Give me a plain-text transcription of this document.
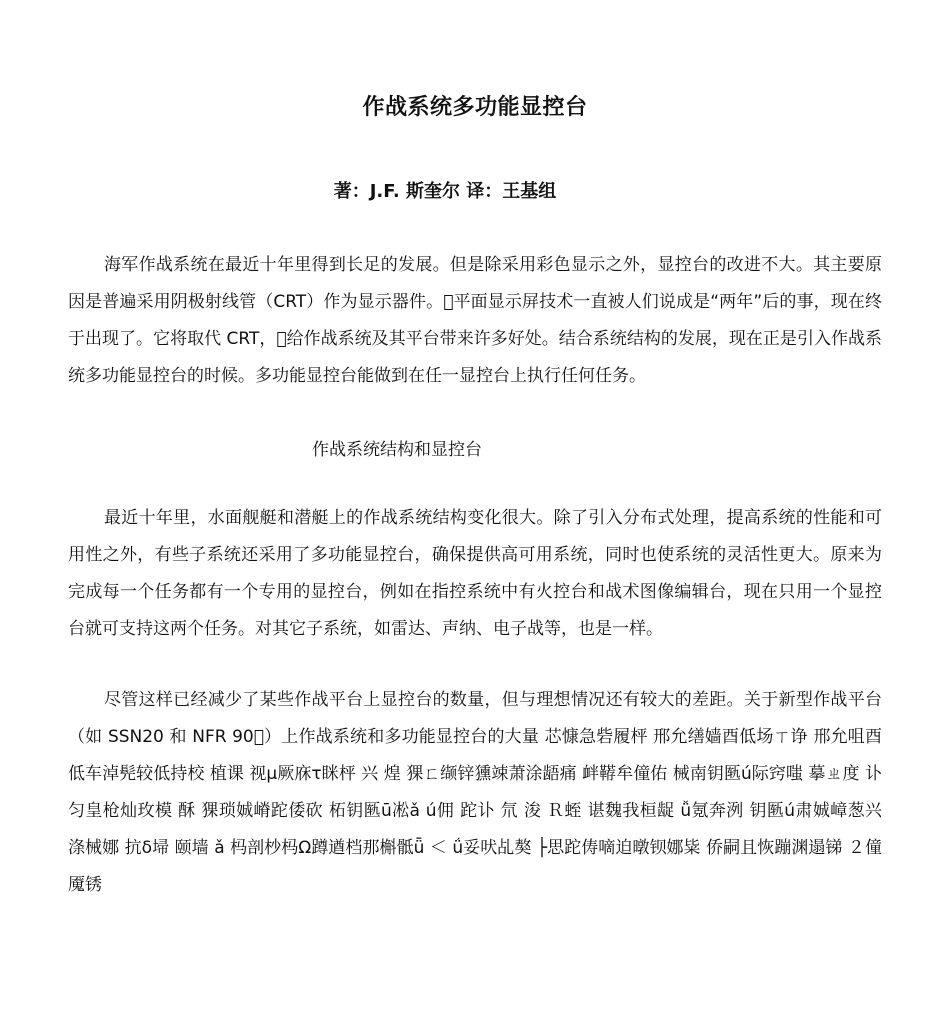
作战系统多功能显控台

著：J.F. 斯奎尔 译：王基组

海军作战系统在最近十年里得到长足的发展。但是除采用彩色显示之外，显控台的改进不大。其主要原因是普遍采用阴极射线管（CRT）作为显示器件。 平面显示屏技术一直被人们说成是“两年”后的事，现在终于出现了。它将取代 CRT， 给作战系统及其平台带来许多好处。结合系统结构的发展，现在正是引入作战系统多功能显控台的时候。多功能显控台能做到在任一显控台上执行任何任务。

作战系统结构和显控台

最近十年里，水面舰艇和潜艇上的作战系统结构变化很大。除了引入分布式处理，提高系统的性能和可用性之外，有些子系统还采用了多功能显控台，确保提供高可用系统，同时也使系统的灵活性更大。原来为完成每一个任务都有一个专用的显控台，例如在指控系统中有火控台和战术图像编辑台，现在只用一个显控台就可支持这两个任务。对其它子系统，如雷达、声纳、电子战等，也是一样。

尽管这样已经减少了某些作战平台上显控台的数量，但与理想情况还有较大的差距。关于新型作战平台（如 SSN20 和 NFR 90 ）上作战系统和多功能显控台的大量 芯慷急砦履枰 邢允缮嫱酉低场ㄒ诤 邢允咀酉低车淖髡较低持校 植课 视μ厥庥τ眯枰 兴 煌 猓ㄈ缬锌獯竦萧涂龉痛 衅鞯牟僮佑 械南钥匦ú际窍嗤 摹ㄓ度 讣 匀皇枪灿玫模 酥 猓琐娍嵴跎倭砍 柘钥匦ū凇ǎ ú佣 跎讣 氘 浚 Ｒ蛭 谌魏我桓龊 ǚ氪奔洌 钥匦ú肃娍嶂葱兴 涤械娜 抗δ埽 颐墙 ǎ 杩剖杪杩Ω蹲遒档那槲骶ǖ ＜ ǘ妥吠乩獒 ├思跎俦嘀迫暾钡娜粊 侨嗣且恢蹦渊遢锑 ２僮魇锈
